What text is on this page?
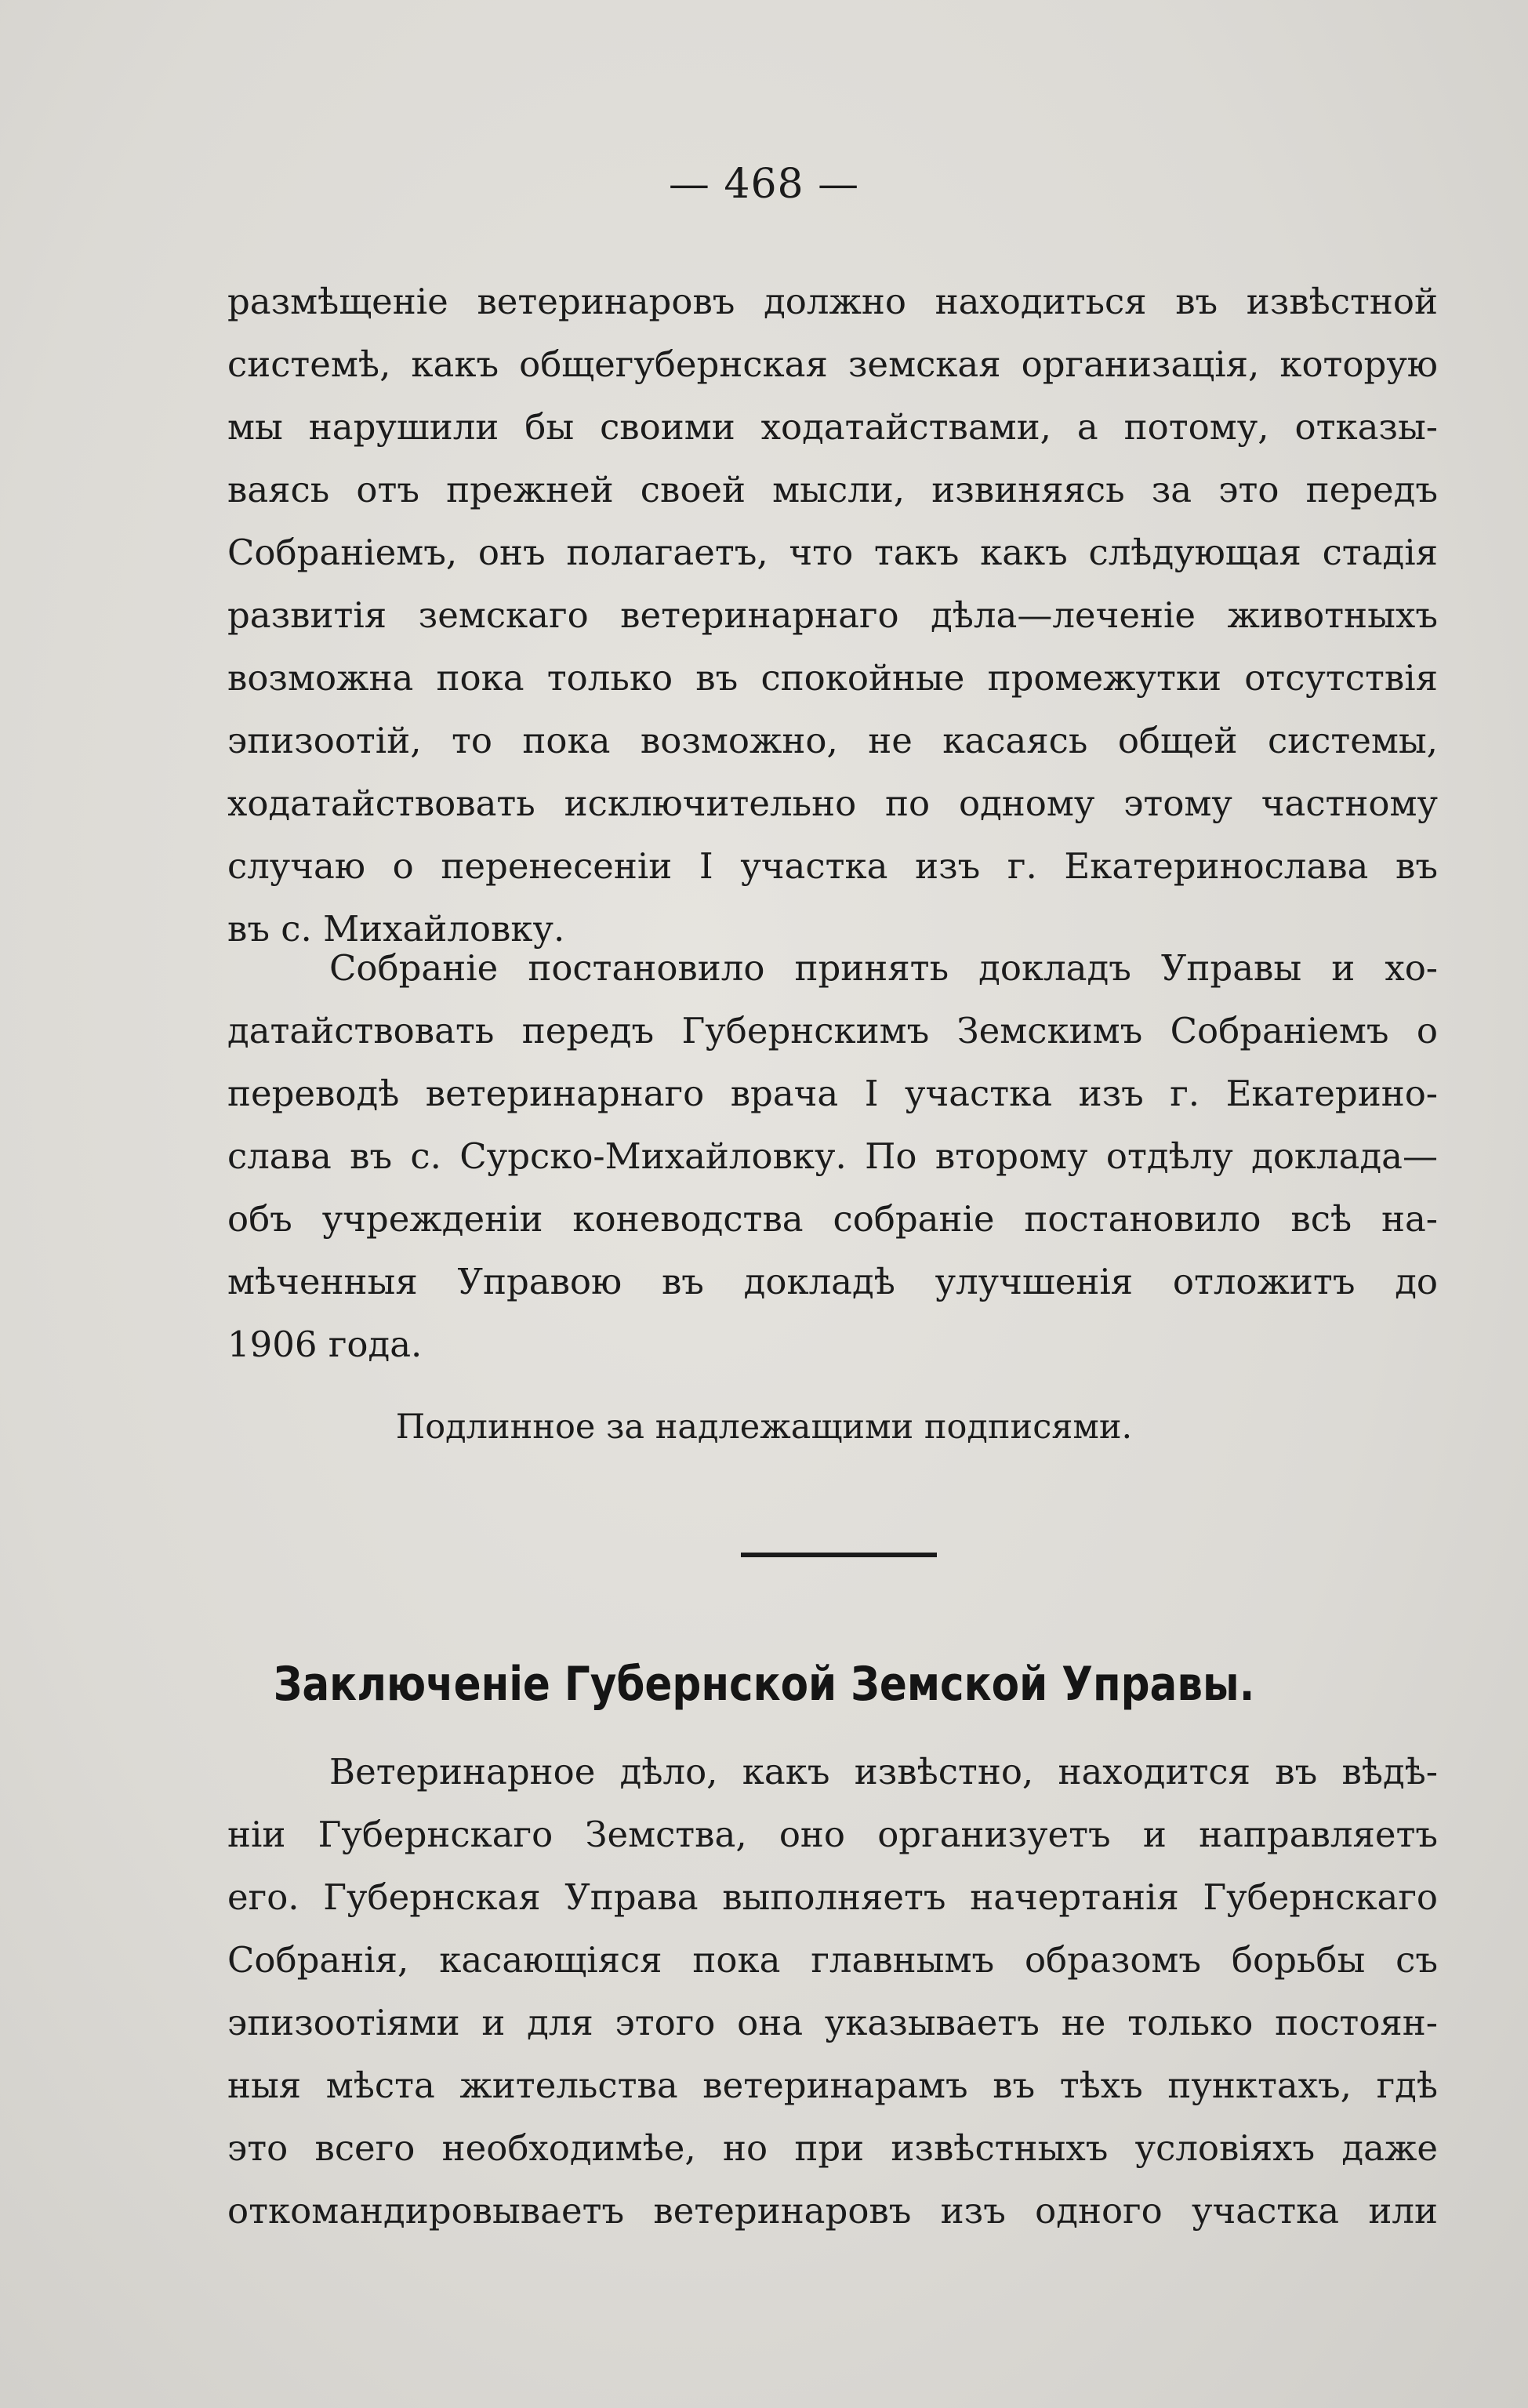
— 468 —
размѣщенiе ветеринаровъ должно находиться въ извѣстной
системѣ, какъ общегубернская земская организацiя, которую
мы нарушили бы своими ходатайствами, а потому, отказы-
ваясь отъ прежней своей мысли, извиняясь за это передъ
Собранiемъ, онъ полагаетъ, что такъ какъ слѣдующая стадiя
развитiя земскаго ветеринарнаго дѣла—леченiе животныхъ
возможна пока только въ спокойные промежутки отсутствiя
эпизоотiй, то пока возможно, не касаясь общей системы,
ходатайствовать исключительно по одному этому частному
случаю о перенесенiи I участка изъ г. Екатеринослава въ
въ с. Михайловку.
Собранiе постановило принять докладъ Управы и хо-
датайствовать передъ Губернскимъ Земскимъ Собранiемъ о
переводѣ ветеринарнаго врача I участка изъ г. Екатерино-
слава въ с. Сурско-Михайловку. По второму отдѣлу доклада—
объ учрежденiи коневодства собранiе постановило всѣ на-
мѣченныя Управою въ докладѣ улучшенiя отложитъ до
1906 года.
Подлинное за надлежащими подписями.
Заключенiе Губернской Земской Управы.
Ветеринарное дѣло, какъ извѣстно, находится въ вѣдѣ-
нiи Губернскаго Земства, оно организуетъ и направляетъ
его. Губернская Управа выполняетъ начертанiя Губернскаго
Собранiя, касающiяся пока главнымъ образомъ борьбы съ
эпизоотiями и для этого она указываетъ не только постоян-
ныя мѣста жительства ветеринарамъ въ тѣхъ пунктахъ, гдѣ
это всего необходимѣе, но при извѣстныхъ условiяхъ даже
откомандировываетъ ветеринаровъ изъ одного участка или
